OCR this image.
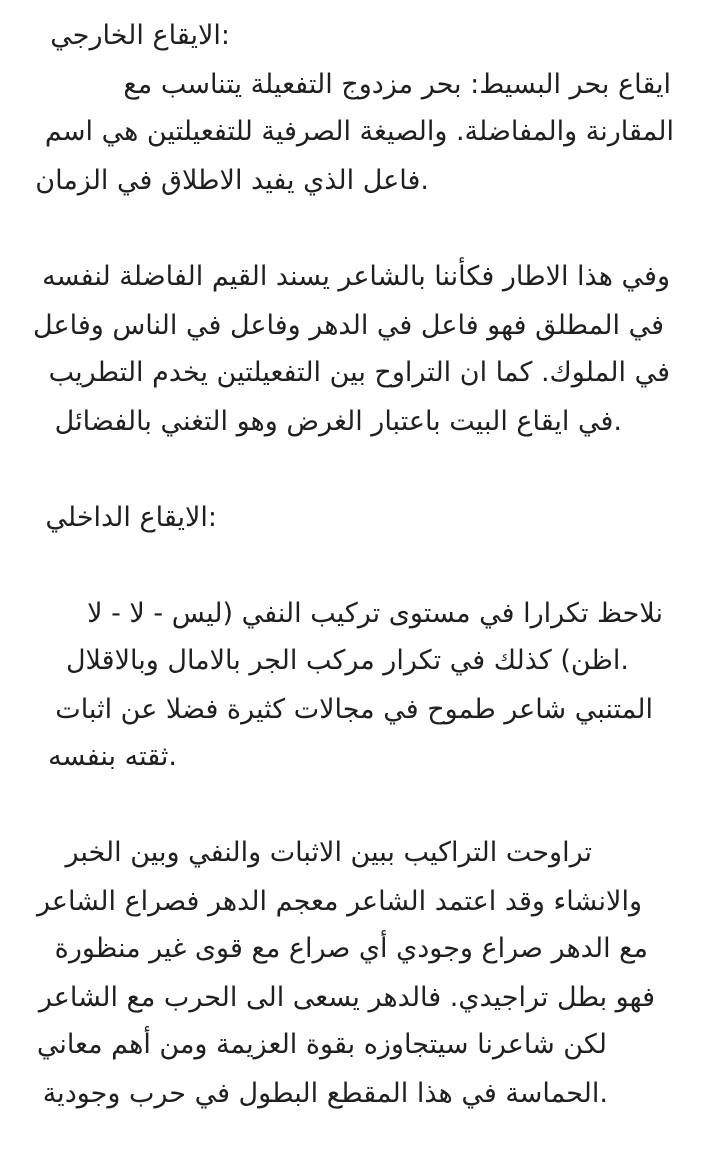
:الايقاع الخارجي
ايقاع بحر البسيط: بحر مزدوج التفعيلة يتناسب مع
المقارنة والمفاضلة. والصيغة الصرفية للتفعيلتين هي اسم
.فاعل الذي يفيد الاطلاق في الزمان
وفي هذا الاطار فكأننا بالشاعر يسند القيم الفاضلة لنفسه
في المطلق فهو فاعل في الدهر وفاعل في الناس وفاعل
في الملوك. كما ان التراوح بين التفعيلتين يخدم التطريب
.في ايقاع البيت باعتبار الغرض وهو التغني بالفضائل
:الايقاع الداخلي
نلاحظ تكرارا في مستوى تركيب النفي (ليس - لا - لا
.اظن) كذلك في تكرار مركب الجر بالامال وبالاقلال
المتنبي شاعر طموح في مجالات كثيرة فضلا عن اثبات
.ثقته بنفسه
تراوحت التراكيب ببين الاثبات والنفي وبين الخبر
والانشاء وقد اعتمد الشاعر معجم الدهر فصراع الشاعر
مع الدهر صراع وجودي أي صراع مع قوى غير منظورة
فهو بطل تراجيدي. فالدهر يسعى الى الحرب مع الشاعر
لكن شاعرنا سيتجاوزه بقوة العزيمة ومن أهم معاني
.الحماسة في هذا المقطع البطول في حرب وجودية
